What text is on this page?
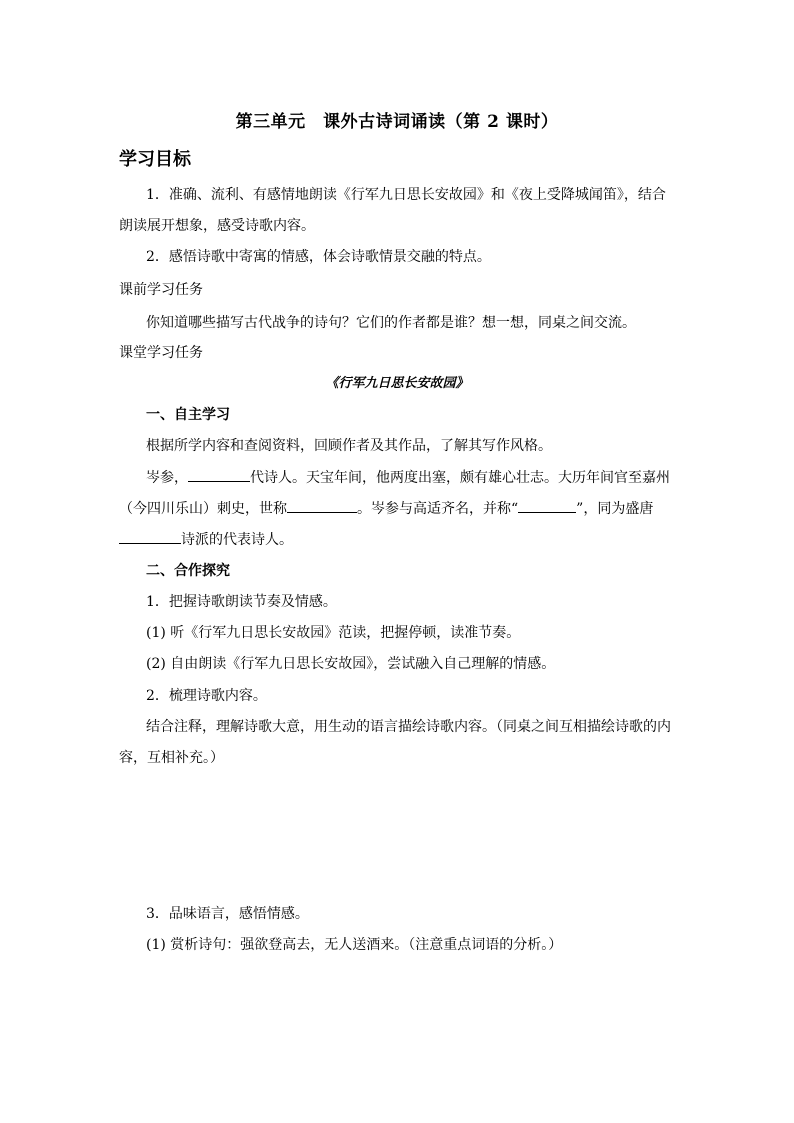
第三单元　课外古诗词诵读（第 2 课时）
学习目标
1．准确、流利、有感情地朗读《行军九日思长安故园》和《夜上受降城闻笛》，结合
朗读展开想象，感受诗歌内容。
2．感悟诗歌中寄寓的情感，体会诗歌情景交融的特点。
课前学习任务
你知道哪些描写古代战争的诗句？它们的作者都是谁？想一想，同桌之间交流。
课堂学习任务
《行军九日思长安故园》
一、自主学习
根据所学内容和查阅资料，回顾作者及其作品，了解其写作风格。
岑参，	代诗人。天宝年间，他两度出塞，颇有雄心壮志。大历年间官至嘉州
（今四川乐山）刺史，世称	。岑参与高适齐名，并称“	”，同为盛唐
诗派的代表诗人。
二、合作探究
1．把握诗歌朗读节奏及情感。
(1) 听《行军九日思长安故园》范读，把握停顿，读准节奏。
(2) 自由朗读《行军九日思长安故园》，尝试融入自己理解的情感。
2．梳理诗歌内容。
结合注释，理解诗歌大意，用生动的语言描绘诗歌内容。（同桌之间互相描绘诗歌的内
容，互相补充。）
3．品味语言，感悟情感。
(1) 赏析诗句：强欲登高去，无人送酒来。（注意重点词语的分析。）
